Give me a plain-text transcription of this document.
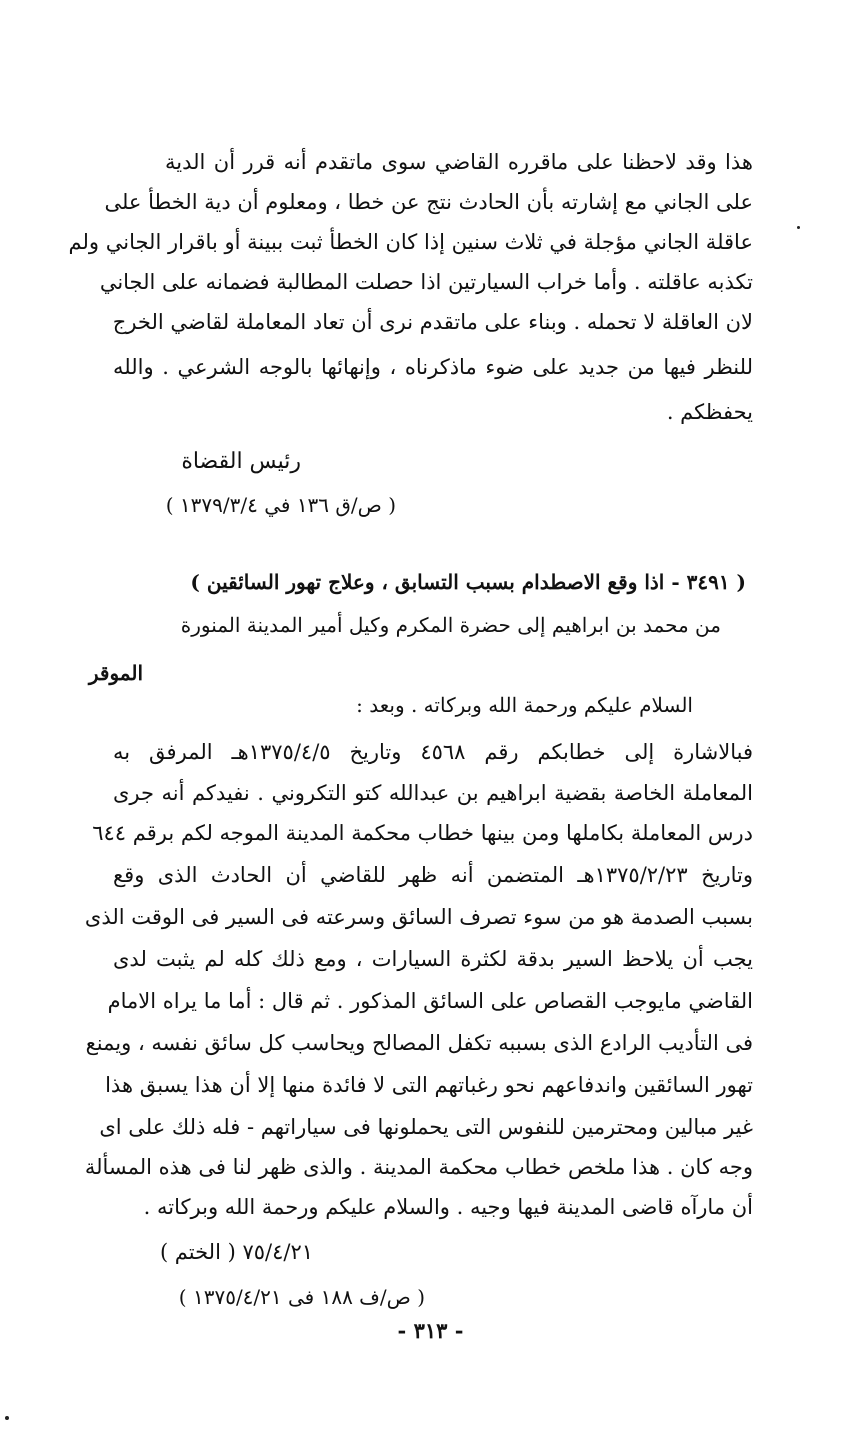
هذا وقد لاحظنا على ماقرره القاضي سوى ماتقدم أنه قرر أن الدية
على الجاني مع إشارته بأن الحادث نتج عن خطا ، ومعلوم أن دية الخطأ على
عاقلة الجاني مؤجلة في ثلاث سنين إذا كان الخطأ ثبت ببينة أو باقرار الجاني ولم
تكذبه عاقلته . وأما خراب السيارتين اذا حصلت المطالبة فضمانه على الجاني
لان العاقلة لا تحمله . وبناء على ماتقدم نرى أن تعاد المعاملة لقاضي الخرج
للنظر فيها من جديد على ضوء ماذكرناه ، وإنهائها بالوجه الشرعي . والله
يحفظكم .
رئيس القضاة
( ص/ق ١٣٦ في ١٣٧٩/٣/٤ )
( ٣٤٩١ - اذا وقع الاصطدام بسبب التسابق ، وعلاج تهور السائقين )
من محمد بن ابراهيم إلى حضرة المكرم وكيل أمير المدينة المنورة
الموقر
السلام عليكم ورحمة الله وبركاته . وبعد :
فبالاشارة إلى خطابكم رقم ٤٥٦٨ وتاريخ ١٣٧٥/٤/٥هـ المرفق به
المعاملة الخاصة بقضية ابراهيم بن عبدالله كتو التكروني . نفيدكم أنه جرى
درس المعاملة بكاملها ومن بينها خطاب محكمة المدينة الموجه لكم برقم ٦٤٤
وتاريخ ١٣٧٥/٢/٢٣هـ المتضمن أنه ظهر للقاضي أن الحادث الذى وقع
بسبب الصدمة هو من سوء تصرف السائق وسرعته فى السير فى الوقت الذى
يجب أن يلاحظ السير بدقة لكثرة السيارات ، ومع ذلك كله لم يثبت لدى
القاضي مايوجب القصاص على السائق المذكور . ثم قال : أما ما يراه الامام
فى التأديب الرادع الذى بسببه تكفل المصالح ويحاسب كل سائق نفسه ، ويمنع
تهور السائقين واندفاعهم نحو رغباتهم التى لا فائدة منها إلا أن هذا يسبق هذا
غير مبالين ومحترمين للنفوس التى يحملونها فى سياراتهم - فله ذلك على اى
وجه كان . هذا ملخص خطاب محكمة المدينة . والذى ظهر لنا فى هذه المسألة
أن مارآه قاضى المدينة فيها وجيه . والسلام عليكم ورحمة الله وبركاته .
٧٥/٤/٢١ ( الختم )
( ص/ف ١٨٨ فى ١٣٧٥/٤/٢١ )
- ٣١٣ -
